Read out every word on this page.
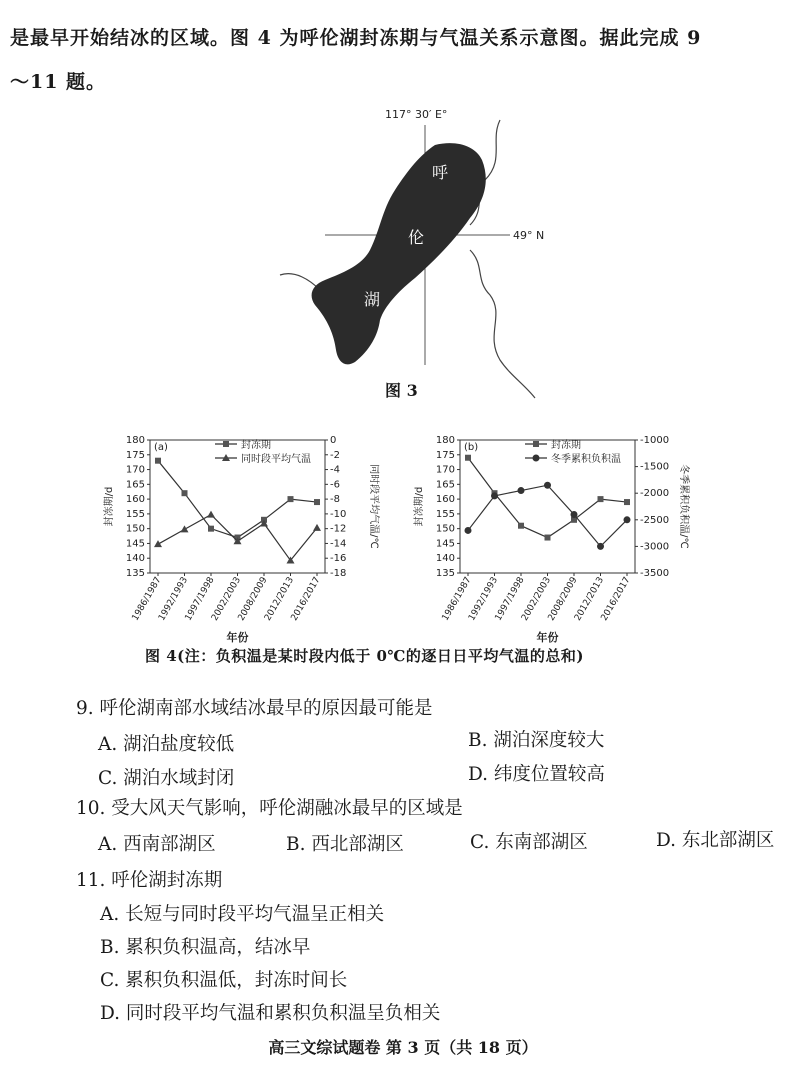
是最早开始结冰的区域。图 4 为呼伦湖封冻期与气温关系示意图。据此完成 9
～11 题。
呼
伦
湖
117° 30′ E°
49° N
图 3
135
140
145
150
155
160
165
170
175
180
-18
-16
-14
-12
-10
-8
-6
-4
-2
0
1986/1987
1992/1993
1997/1998
2002/2003
2008/2009
2012/2013
2016/2017
封冻期/d	同时段平均气温/℃
年份
(a)	封冻期
同时段平均气温
135
140
145
150
155
160
165
170
175
180
-3500
-3000
-2500
-2000
-1500
-1000
1986/1987
1992/1993
1997/1998
2002/2003
2008/2009
2012/2013
2016/2017
封冻期/d	冬季累积负积温/℃
年份
(b)	封冻期
冬季累积负积温
图 4(注：负积温是某时段内低于 0℃的逐日日平均气温的总和)
9. 呼伦湖南部水域结冰最早的原因最可能是
A. 湖泊盐度较低	B. 湖泊深度较大
C. 湖泊水域封闭	D. 纬度位置较高
10. 受大风天气影响，呼伦湖融冰最早的区域是
A. 西南部湖区	B. 西北部湖区	C. 东南部湖区	D. 东北部湖区
11. 呼伦湖封冻期
A. 长短与同时段平均气温呈正相关
B. 累积负积温高，结冰早
C. 累积负积温低，封冻时间长
D. 同时段平均气温和累积负积温呈负相关
高三文综试题卷 第 3 页（共 18 页）
